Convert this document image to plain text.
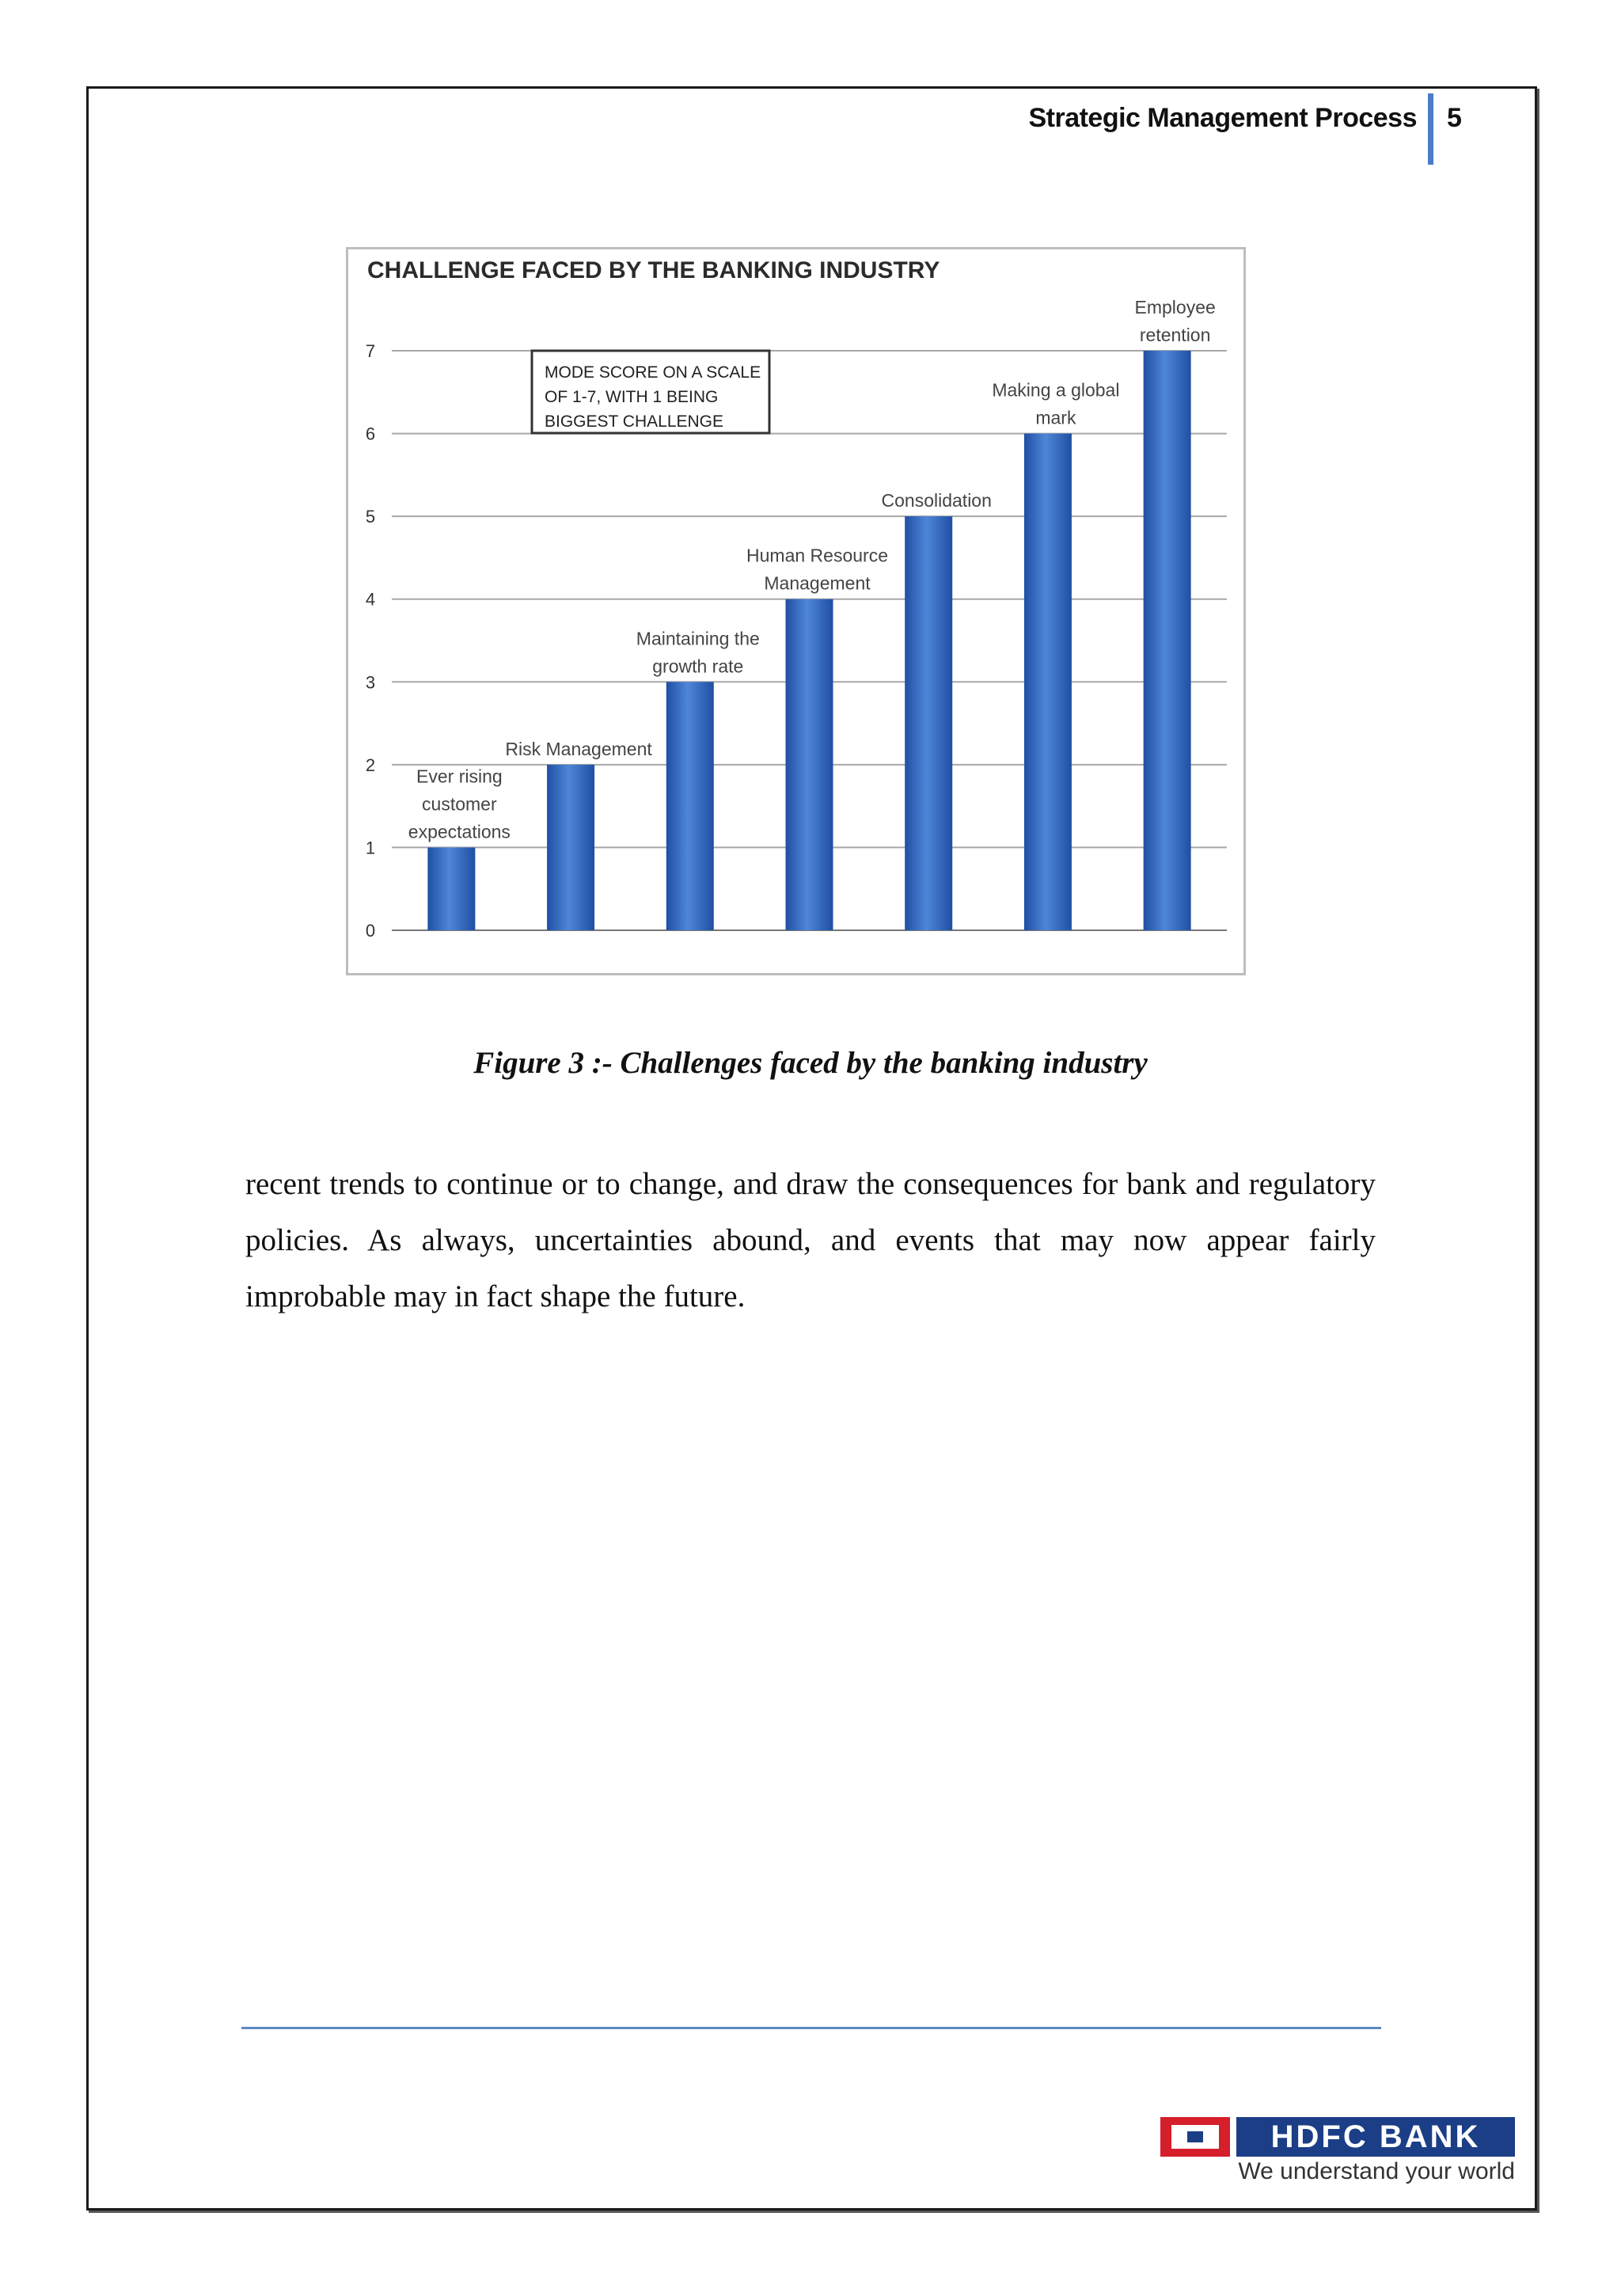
Strategic Management Process 5
CHALLENGE FACED BY THE BANKING INDUSTRY
0
1
2
3
4
5
6
7
Ever rising
customer
expectations
Risk Management
Maintaining the
growth rate
Human Resource
Management
Consolidation
Making a global
mark
Employee
retention
MODE SCORE ON A SCALE
OF 1-7, WITH 1 BEING
BIGGEST CHALLENGE
Figure 3 :- Challenges faced by the banking industry
recent trends to continue or to change, and draw the consequences for bank and regulatory policies. As always, uncertainties abound, and events that may now appear fairly improbable may in fact shape the future.
HDFC BANK
We understand your world
